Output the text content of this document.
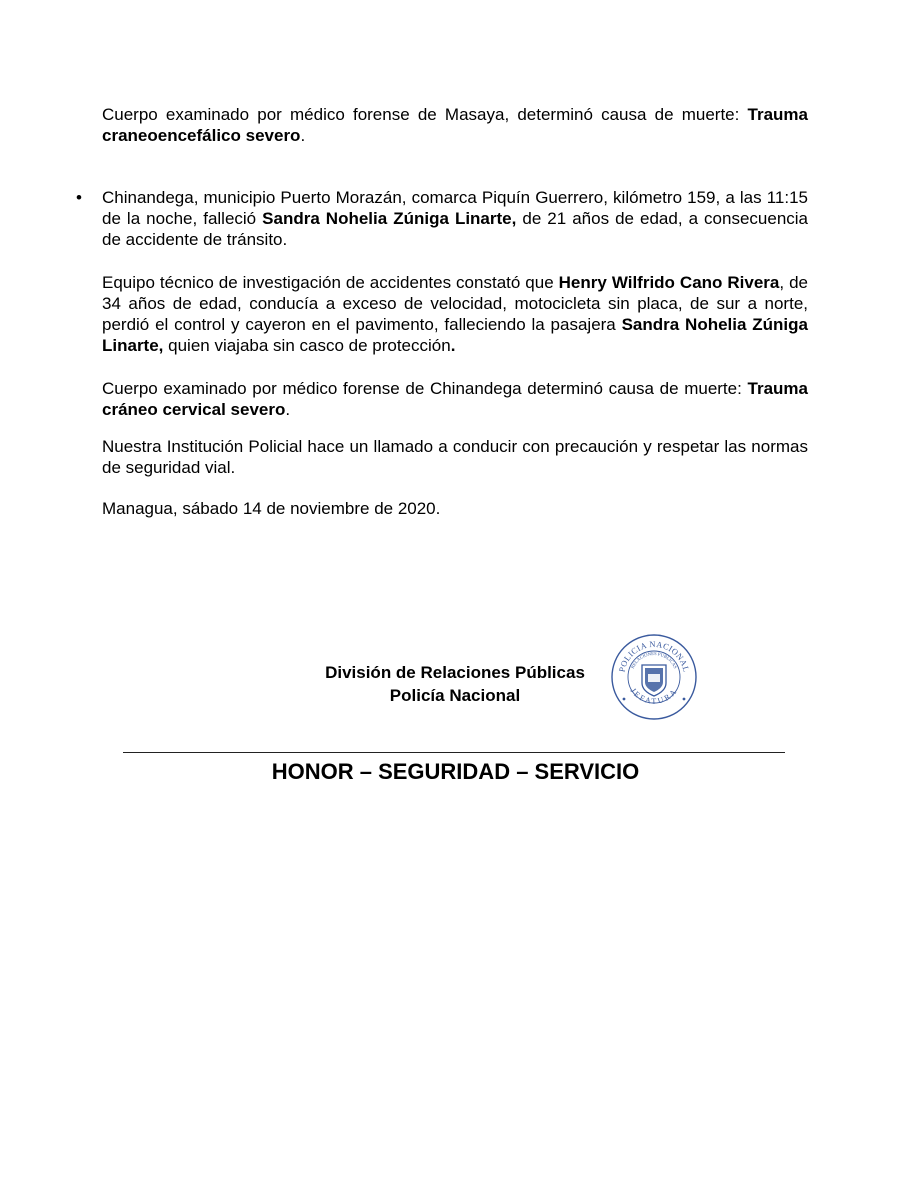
Cuerpo examinado por médico forense de Masaya, determinó causa de muerte: Trauma craneoencefálico severo.

• Chinandega, municipio Puerto Morazán, comarca Piquín Guerrero, kilómetro 159, a las 11:15 de la noche, falleció Sandra Nohelia Zúniga Linarte, de 21 años de edad, a consecuencia de accidente de tránsito.

Equipo técnico de investigación de accidentes constató que Henry Wilfrido Cano Rivera, de 34 años de edad, conducía a exceso de velocidad, motocicleta sin placa, de sur a norte, perdió el control y cayeron en el pavimento, falleciendo la pasajera Sandra Nohelia Zúniga Linarte, quien viajaba sin casco de protección.

Cuerpo examinado por médico forense de Chinandega determinó causa de muerte: Trauma cráneo cervical severo.

Nuestra Institución Policial hace un llamado a conducir con precaución y respetar las normas de seguridad vial.

Managua, sábado 14 de noviembre de 2020.

División de Relaciones Públicas
Policía Nacional
POLICIA NACIONAL
RELACIONES PUBLICAS
JEFATURA
HONOR – SEGURIDAD – SERVICIO
